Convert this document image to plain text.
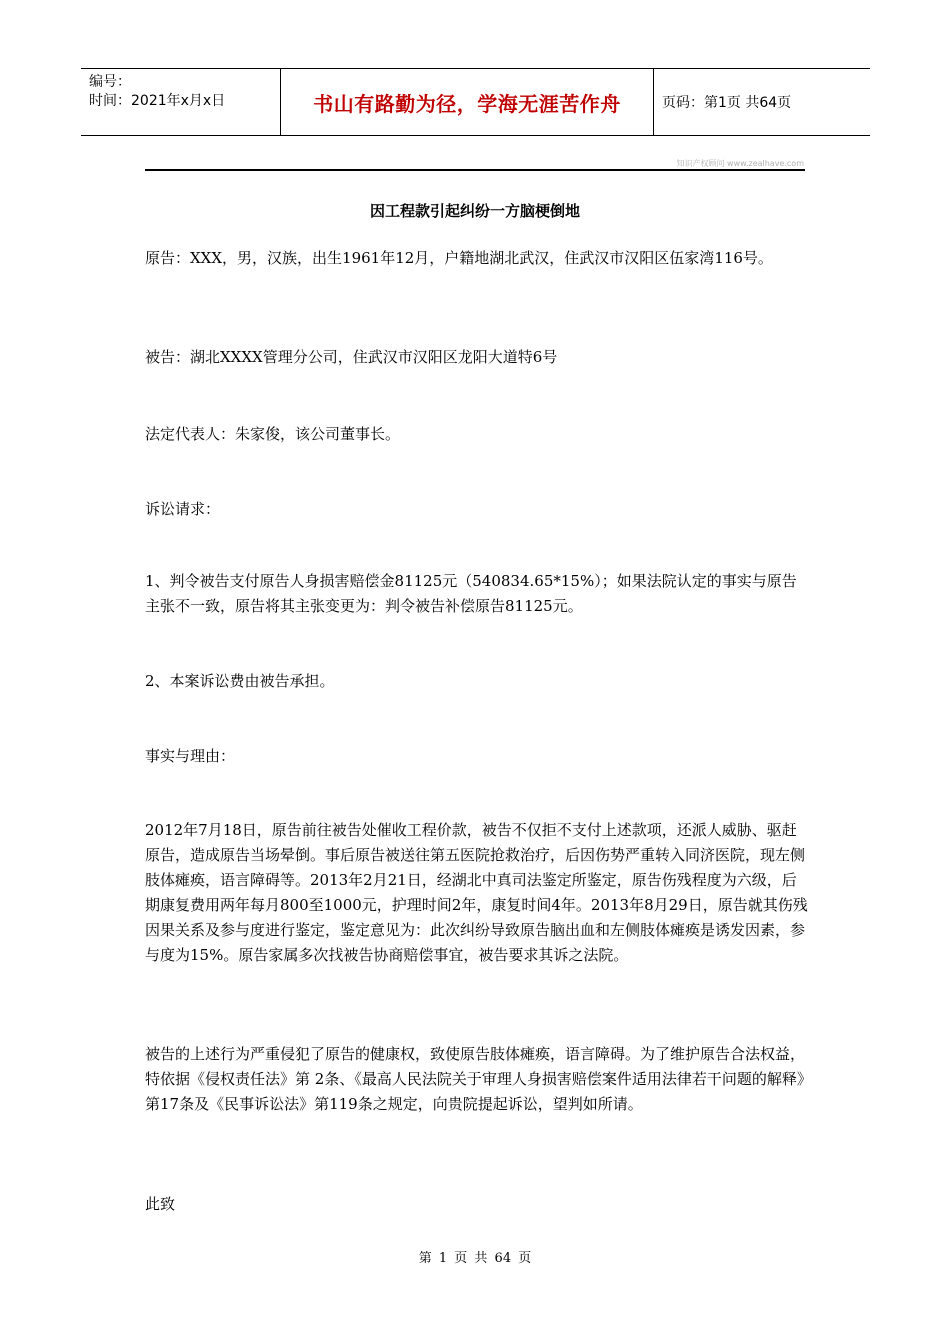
编号：
时间：2021年x月x日	书山有路勤为径，学海无涯苦作舟	页码：第1页 共64页
知识产权顾问 www.zealhave.com
因工程款引起纠纷一方脑梗倒地
原告：XXX，男，汉族，出生1961年12月，户籍地湖北武汉，住武汉市汉阳区伍家湾116号。
被告：湖北XXXX管理分公司，住武汉市汉阳区龙阳大道特6号
法定代表人：朱家俊，该公司董事长。
诉讼请求：
1、判令被告支付原告人身损害赔偿金81125元（540834.65*15%）；如果法院认定的事实与原告主张不一致，原告将其主张变更为：判令被告补偿原告81125元。
2、本案诉讼费由被告承担。
事实与理由：
2012年7月18日，原告前往被告处催收工程价款，被告不仅拒不支付上述款项，还派人威胁、驱赶原告，造成原告当场晕倒。事后原告被送往第五医院抢救治疗，后因伤势严重转入同济医院，现左侧肢体瘫痪，语言障碍等。2013年2月21日，经湖北中真司法鉴定所鉴定，原告伤残程度为六级，后期康复费用两年每月800至1000元，护理时间2年，康复时间4年。2013年8月29日，原告就其伤残因果关系及参与度进行鉴定，鉴定意见为：此次纠纷导致原告脑出血和左侧肢体瘫痪是诱发因素，参与度为15%。原告家属多次找被告协商赔偿事宜，被告要求其诉之法院。
被告的上述行为严重侵犯了原告的健康权，致使原告肢体瘫痪，语言障碍。为了维护原告合法权益，特依据《侵权责任法》第 2条、《最高人民法院关于审理人身损害赔偿案件适用法律若干问题的解释》第17条及《民事诉讼法》第119条之规定，向贵院提起诉讼，望判如所请。
此致
第 1 页 共 64 页
